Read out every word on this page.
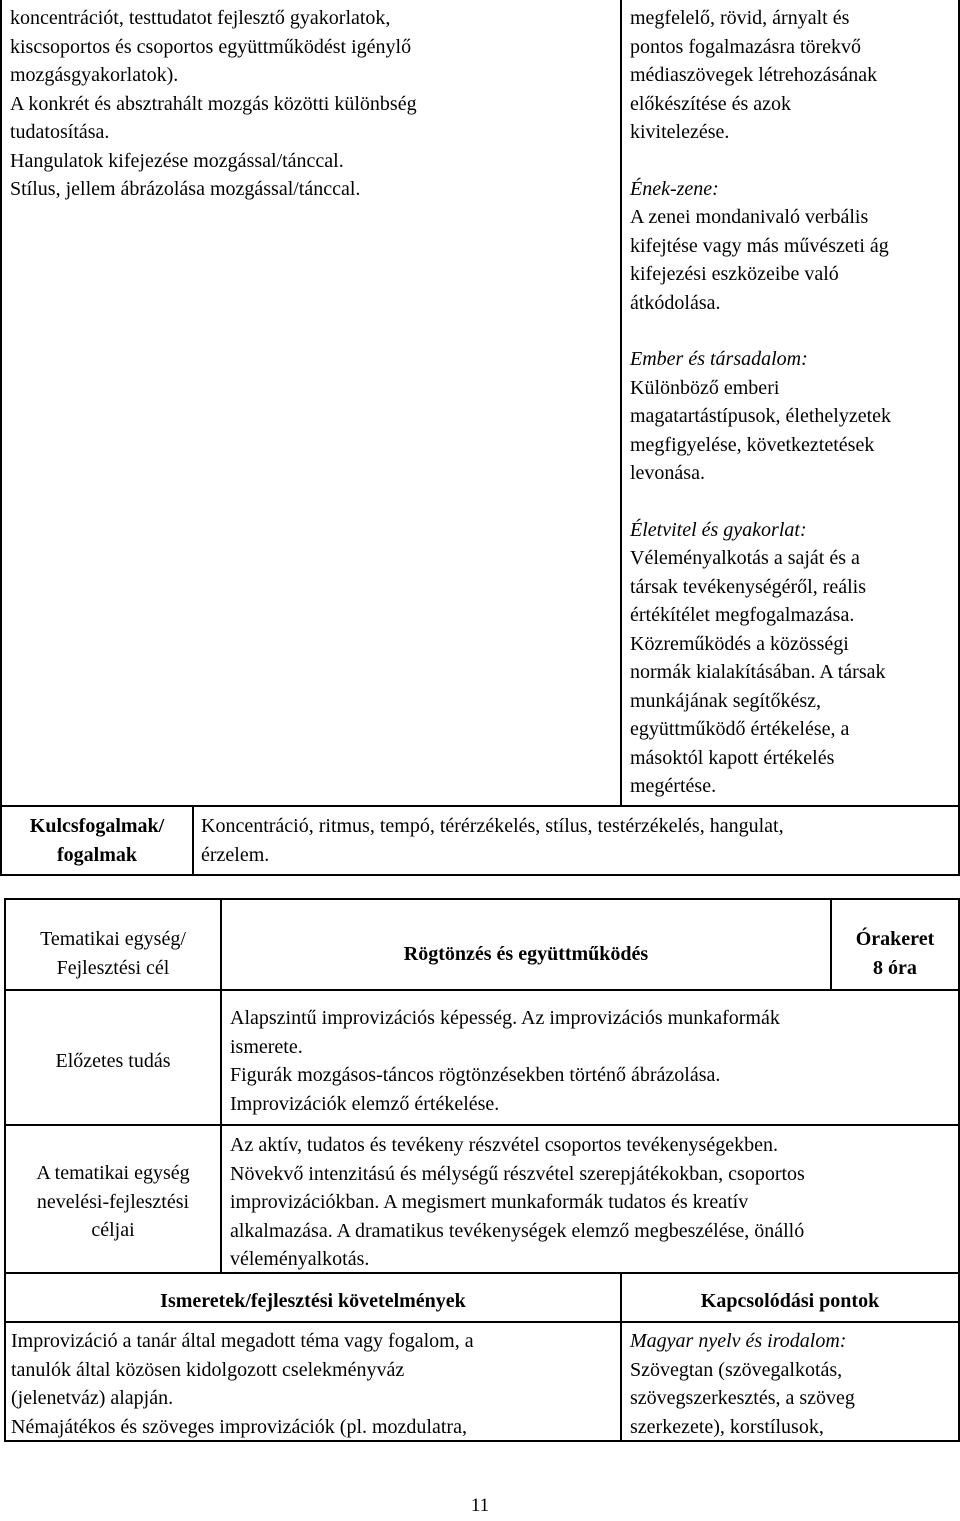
koncentrációt, testtudatot fejlesztő gyakorlatok,
kiscsoportos és csoportos együttműködést igénylő
mozgásgyakorlatok).
A konkrét és absztrahált mozgás közötti különbség
tudatosítása.
Hangulatok kifejezése mozgással/tánccal.
Stílus, jellem ábrázolása mozgással/tánccal.
megfelelő, rövid, árnyalt és
pontos fogalmazásra törekvő
médiaszövegek létrehozásának
előkészítése és azok
kivitelezése.
Ének-zene:
A zenei mondanivaló verbális
kifejtése vagy más művészeti ág
kifejezési eszközeibe való
átkódolása.
Ember és társadalom:
Különböző emberi
magatartástípusok, élethelyzetek
megfigyelése, következtetések
levonása.
Életvitel és gyakorlat:
Véleményalkotás a saját és a
társak tevékenységéről, reális
értékítélet megfogalmazása.
Közreműködés a közösségi
normák kialakításában. A társak
munkájának segítőkész,
együttműködő értékelése, a
másoktól kapott értékelés
megértése.
Kulcsfogalmak/
fogalmak
Koncentráció, ritmus, tempó, térérzékelés, stílus, testérzékelés, hangulat,
érzelem.
Tematikai egység/
Fejlesztési cél
Rögtönzés és együttműködés
Órakeret
8 óra
Előzetes tudás
Alapszintű improvizációs képesség. Az improvizációs munkaformák
ismerete.
Figurák mozgásos-táncos rögtönzésekben történő ábrázolása.
Improvizációk elemző értékelése.
A tematikai egység
nevelési-fejlesztési
céljai
Az aktív, tudatos és tevékeny részvétel csoportos tevékenységekben.
Növekvő intenzitású és mélységű részvétel szerepjátékokban, csoportos
improvizációkban. A megismert munkaformák tudatos és kreatív
alkalmazása. A dramatikus tevékenységek elemző megbeszélése, önálló
véleményalkotás.
Ismeretek/fejlesztési követelmények	Kapcsolódási pontok
Improvizáció a tanár által megadott téma vagy fogalom, a
tanulók által közösen kidolgozott cselekményváz
(jelenetváz) alapján.
Némajátékos és szöveges improvizációk (pl. mozdulatra,
Magyar nyelv és irodalom:
Szövegtan (szövegalkotás,
szövegszerkesztés, a szöveg
szerkezete), korstílusok,
11
